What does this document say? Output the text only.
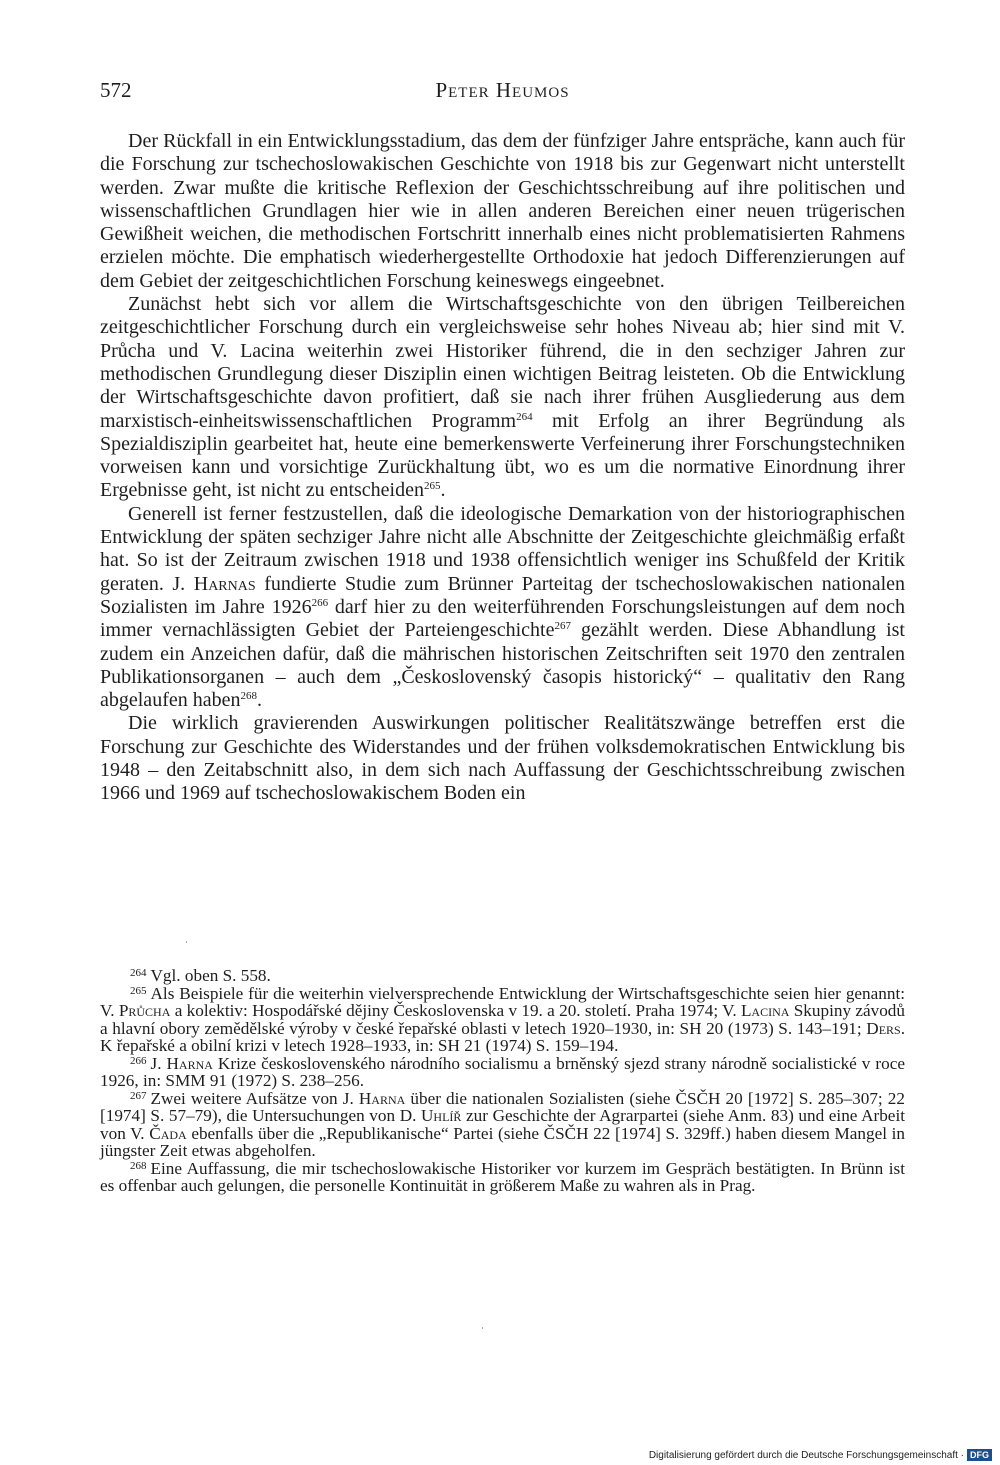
572	Peter Heumos

Der Rückfall in ein Entwicklungsstadium, das dem der fünfziger Jahre entspräche, kann auch für die Forschung zur tschechoslowakischen Geschichte von 1918 bis zur Gegenwart nicht unterstellt werden. Zwar mußte die kritische Reflexion der Geschichtsschreibung auf ihre politischen und wissenschaftlichen Grundlagen hier wie in allen anderen Bereichen einer neuen trügerischen Gewißheit weichen, die methodischen Fortschritt innerhalb eines nicht problematisierten Rahmens erzielen möchte. Die emphatisch wiederhergestellte Orthodoxie hat jedoch Differenzierungen auf dem Gebiet der zeitgeschichtlichen Forschung keineswegs eingeebnet.

Zunächst hebt sich vor allem die Wirtschaftsgeschichte von den übrigen Teilbereichen zeitgeschichtlicher Forschung durch ein vergleichsweise sehr hohes Niveau ab; hier sind mit V. Průcha und V. Lacina weiterhin zwei Historiker führend, die in den sechziger Jahren zur methodischen Grundlegung dieser Disziplin einen wichtigen Beitrag leisteten. Ob die Entwicklung der Wirtschaftsgeschichte davon profitiert, daß sie nach ihrer frühen Ausgliederung aus dem marxistisch-einheitswissenschaftlichen Programm$^{264}$ mit Erfolg an ihrer Begründung als Spezialdisziplin gearbeitet hat, heute eine bemerkenswerte Verfeinerung ihrer Forschungstechniken vorweisen kann und vorsichtige Zurückhaltung übt, wo es um die normative Einordnung ihrer Ergebnisse geht, ist nicht zu entscheiden$^{265}$.

Generell ist ferner festzustellen, daß die ideologische Demarkation von der historiographischen Entwicklung der späten sechziger Jahre nicht alle Abschnitte der Zeitgeschichte gleichmäßig erfaßt hat. So ist der Zeitraum zwischen 1918 und 1938 offensichtlich weniger ins Schußfeld der Kritik geraten. J. Harnas fundierte Studie zum Brünner Parteitag der tschechoslowakischen nationalen Sozialisten im Jahre 1926$^{266}$ darf hier zu den weiterführenden Forschungsleistungen auf dem noch immer vernachlässigten Gebiet der Parteiengeschichte$^{267}$ gezählt werden. Diese Abhandlung ist zudem ein Anzeichen dafür, daß die mährischen historischen Zeitschriften seit 1970 den zentralen Publikationsorganen – auch dem „Československý časopis historický“ – qualitativ den Rang abgelaufen haben$^{268}$.

Die wirklich gravierenden Auswirkungen politischer Realitätszwänge betreffen erst die Forschung zur Geschichte des Widerstandes und der frühen volksdemokratischen Entwicklung bis 1948 – den Zeitabschnitt also, in dem sich nach Auffassung der Geschichtsschreibung zwischen 1966 und 1969 auf tschechoslowakischem Boden ein

$^{264}$ Vgl. oben S. 558.

$^{265}$ Als Beispiele für die weiterhin vielversprechende Entwicklung der Wirtschaftsgeschichte seien hier genannt: V. Průcha a kolektiv: Hospodářské dějiny Československa v 19. a 20. století. Praha 1974; V. Lacina Skupiny závodů a hlavní obory zemědělské výroby v české řepařské oblasti v letech 1920–1930, in: SH 20 (1973) S. 143–191; Ders. K řepařské a obilní krizi v letech 1928–1933, in: SH 21 (1974) S. 159–194.

$^{266}$ J. Harna Krize československého národního socialismu a brněnský sjezd strany národně socialistické v roce 1926, in: SMM 91 (1972) S. 238–256.

$^{267}$ Zwei weitere Aufsätze von J. Harna über die nationalen Sozialisten (siehe ČSČH 20 [1972] S. 285–307; 22 [1974] S. 57–79), die Untersuchungen von D. Uhlíř zur Geschichte der Agrarpartei (siehe Anm. 83) und eine Arbeit von V. Čada ebenfalls über die „Republikanische“ Partei (siehe ČSČH 22 [1974] S. 329ff.) haben diesem Mangel in jüngster Zeit etwas abgeholfen.

$^{268}$ Eine Auffassung, die mir tschechoslowakische Historiker vor kurzem im Gespräch bestätigten. In Brünn ist es offenbar auch gelungen, die personelle Kontinuität in größerem Maße zu wahren als in Prag.

Digitalisierung gefördert durch die Deutsche Forschungsgemeinschaft · DFG
